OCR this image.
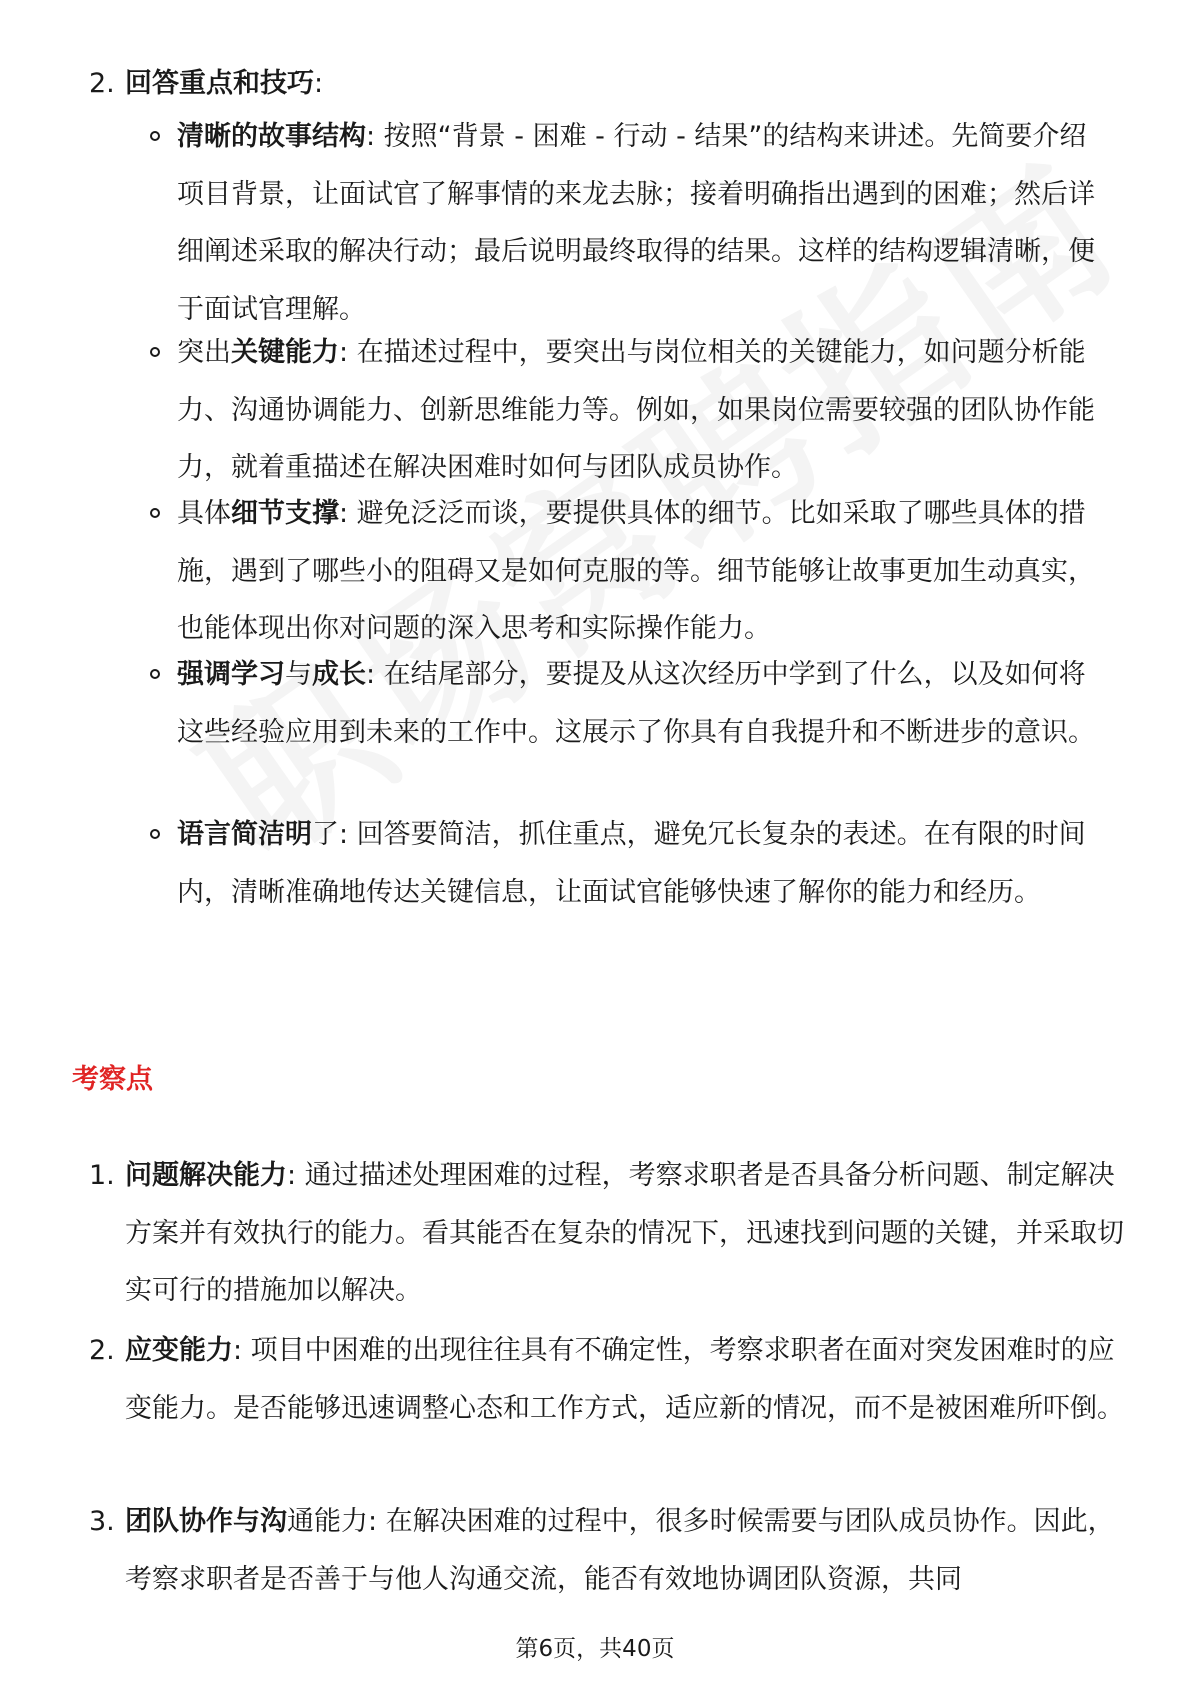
2. 回答重点和技巧:

清晰的故事结构: 按照“背景 - 困难 - 行动 - 结果”的结构来讲述。先简要介绍项目背景，让面试官了解事情的来龙去脉；接着明确指出遇到的困难；然后详细阐述采取的解决行动；最后说明最终取得的结果。这样的结构逻辑清晰，便于面试官理解。

突出关键能力: 在描述过程中，要突出与岗位相关的关键能力，如问题分析能力、沟通协调能力、创新思维能力等。例如，如果岗位需要较强的团队协作能力，就着重描述在解决困难时如何与团队成员协作。

具体细节支撑: 避免泛泛而谈，要提供具体的细节。比如采取了哪些具体的措施，遇到了哪些小的阻碍又是如何克服的等。细节能够让故事更加生动真实，也能体现出你对问题的深入思考和实际操作能力。

强调学习与成长: 在结尾部分，要提及从这次经历中学到了什么，以及如何将这些经验应用到未来的工作中。这展示了你具有自我提升和不断进步的意识。

语言简洁明了: 回答要简洁，抓住重点，避免冗长复杂的表述。在有限的时间内，清晰准确地传达关键信息，让面试官能够快速了解你的能力和经历。

考察点

1. 问题解决能力: 通过描述处理困难的过程，考察求职者是否具备分析问题、制定解决方案并有效执行的能力。看其能否在复杂的情况下，迅速找到问题的关键，并采取切实可行的措施加以解决。

2. 应变能力: 项目中困难的出现往往具有不确定性，考察求职者在面对突发困难时的应变能力。是否能够迅速调整心态和工作方式，适应新的情况，而不是被困难所吓倒。

3. 团队协作与沟通能力: 在解决困难的过程中，很多时候需要与团队成员协作。因此，考察求职者是否善于与他人沟通交流，能否有效地协调团队资源，共同

第6页，共40页
